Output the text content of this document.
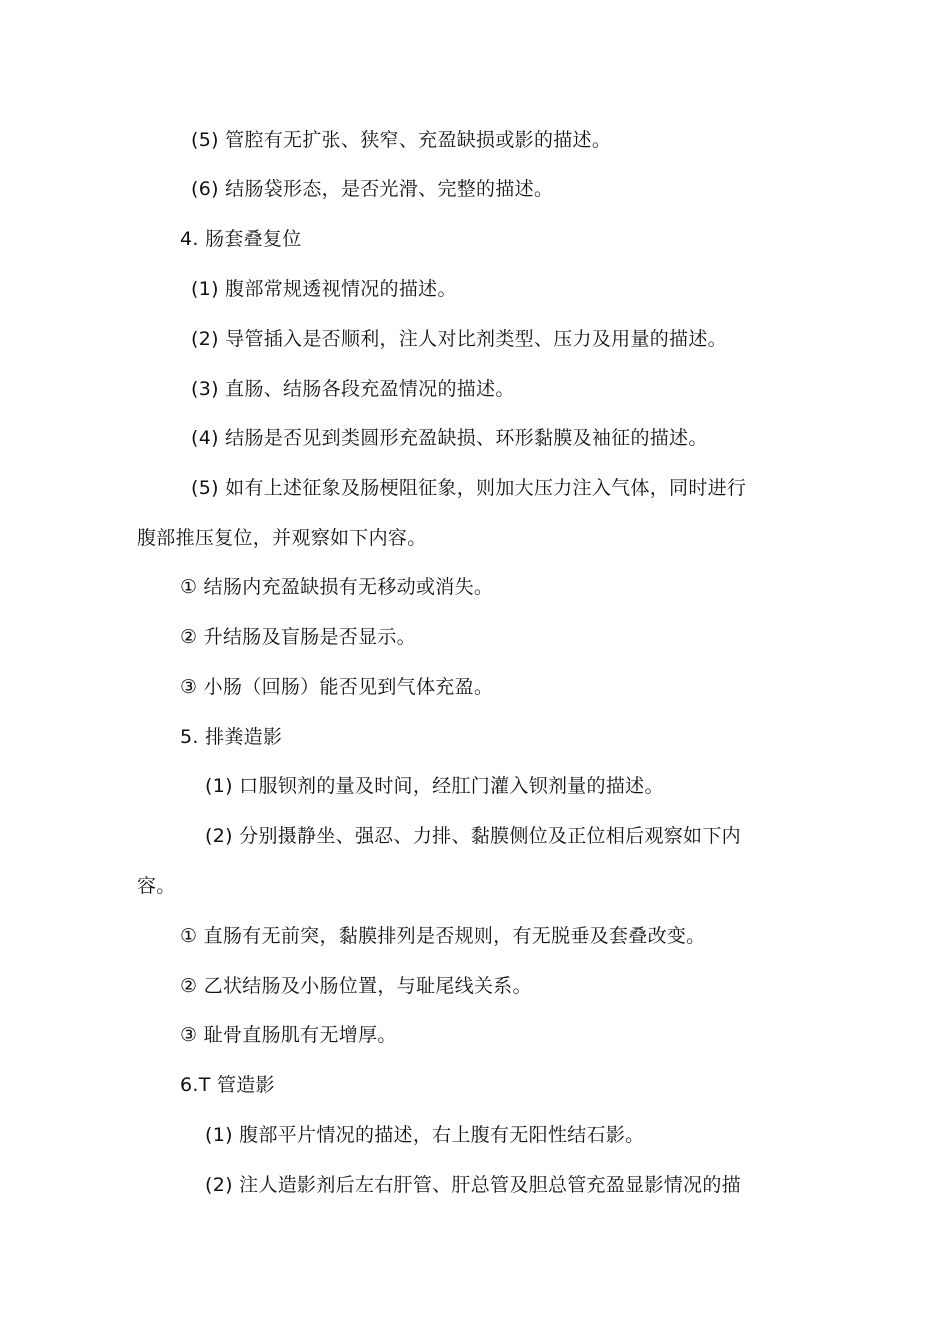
(5) 管腔有无扩张、狭窄、充盈缺损或影的描述。
(6) 结肠袋形态，是否光滑、完整的描述。
4. 肠套叠复位
(1) 腹部常规透视情况的描述。
(2) 导管插入是否顺利，注人对比剂类型、压力及用量的描述。
(3) 直肠、结肠各段充盈情况的描述。
(4) 结肠是否见到类圆形充盈缺损、环形黏膜及袖征的描述。
(5) 如有上述征象及肠梗阻征象，则加大压力注入气体，同时进行
腹部推压复位，并观察如下内容。
① 结肠内充盈缺损有无移动或消失。
② 升结肠及盲肠是否显示。
③ 小肠（回肠）能否见到气体充盈。
5. 排粪造影
(1) 口服钡剂的量及时间，经肛门灌入钡剂量的描述。
(2) 分别摄静坐、强忍、力排、黏膜侧位及正位相后观察如下内
容。
① 直肠有无前突，黏膜排列是否规则，有无脱垂及套叠改变。
② 乙状结肠及小肠位置，与耻尾线关系。
③ 耻骨直肠肌有无增厚。
6.T 管造影
(1) 腹部平片情况的描述，右上腹有无阳性结石影。
(2) 注人造影剂后左右肝管、肝总管及胆总管充盈显影情况的描
